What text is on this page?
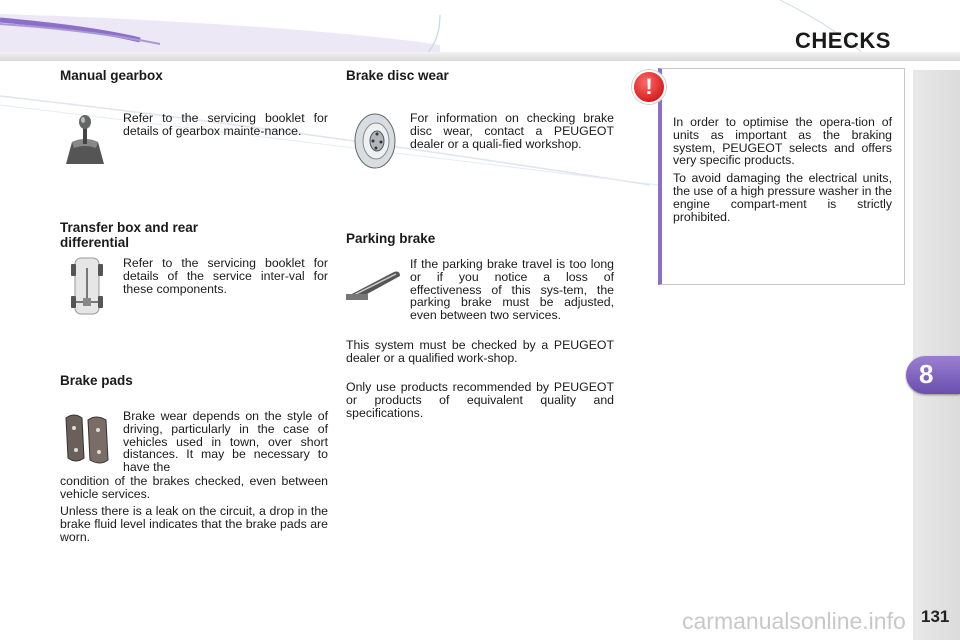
CHECKS
8
Manual gearbox
Refer to the servicing booklet for details of gearbox mainte-nance.
Transfer box and rear
differential
Refer to the servicing booklet for details of the service inter-val for these components.
Brake pads
Brake wear depends on the style of driving, particularly in the case of vehicles used in town, over short distances. It may be necessary to have the
condition of the brakes checked, even between vehicle services.
Unless there is a leak on the circuit, a drop in the brake fluid level indicates that the brake pads are worn.
Brake disc wear
For information on checking brake disc wear, contact a PEUGEOT dealer or a quali-fied workshop.
Parking brake
If the parking brake travel is too long or if you notice a loss of effectiveness of this sys-tem, the parking brake must be adjusted, even between two services.
This system must be checked by a PEUGEOT dealer or a qualified work-shop.
Only use products recommended by PEUGEOT or products of equivalent quality and specifications.
!

In order to optimise the opera-tion of units as important as the braking system, PEUGEOT selects and offers very specific products.

To avoid damaging the electrical units, the use of a high pressure washer in the engine compart-ment is strictly prohibited.

131
carmanualsonline.info
